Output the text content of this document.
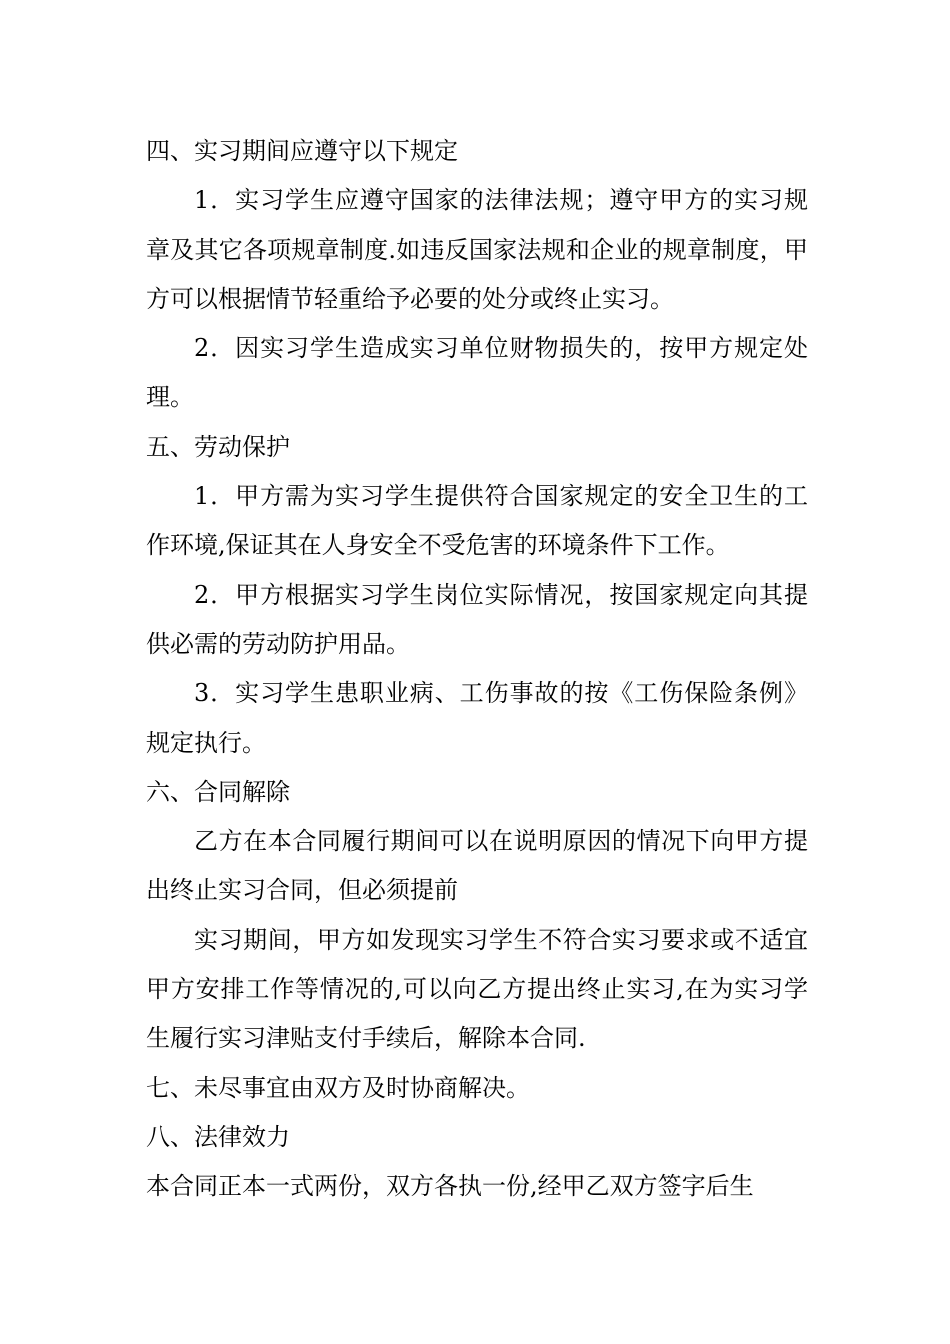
四、实习期间应遵守以下规定

1．实习学生应遵守国家的法律法规；遵守甲方的实习规章及其它各项规章制度.如违反国家法规和企业的规章制度，甲方可以根据情节轻重给予必要的处分或终止实习。

2．因实习学生造成实习单位财物损失的，按甲方规定处理。

五、劳动保护

1．甲方需为实习学生提供符合国家规定的安全卫生的工作环境,保证其在人身安全不受危害的环境条件下工作。

2．甲方根据实习学生岗位实际情况，按国家规定向其提供必需的劳动防护用品。

3．实习学生患职业病、工伤事故的按《工伤保险条例》规定执行。

六、合同解除

乙方在本合同履行期间可以在说明原因的情况下向甲方提出终止实习合同，但必须提前

实习期间，甲方如发现实习学生不符合实习要求或不适宜甲方安排工作等情况的,可以向乙方提出终止实习,在为实习学生履行实习津贴支付手续后，解除本合同.

七、未尽事宜由双方及时协商解决。

八、法律效力

本合同正本一式两份，双方各执一份,经甲乙双方签字后生
